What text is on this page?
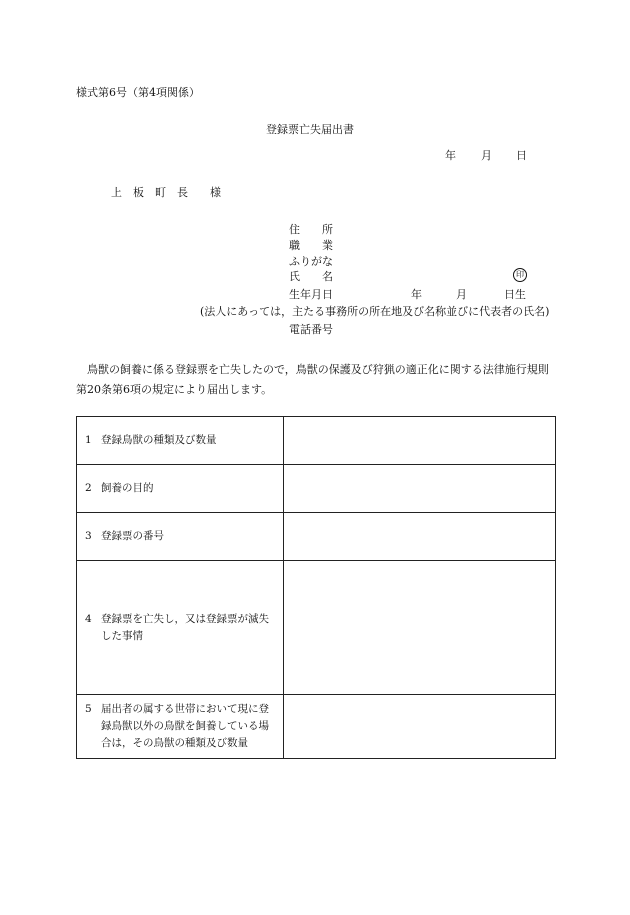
様式第6号（第4項関係）
登録票亡失届出書
年 月 日
上　板　町　長　　様
住　　所
職　　業
ふりがな
氏　　名	印
生年月日	年	月	日生
(法人にあっては，主たる事務所の所在地及び名称並びに代表者の氏名)
電話番号
鳥獣の飼養に係る登録票を亡失したので，鳥獣の保護及び狩猟の適正化に関する法律施行規則第20条第6項の規定により届出します。
1 登録鳥獣の種類及び数量	

2 飼養の目的	

3 登録票の番号	

4 登録票を亡失し，又は登録票が滅失した事情	

5 届出者の属する世帯において現に登録鳥獣以外の鳥獣を飼養している場合は，その鳥獣の種類及び数量	
